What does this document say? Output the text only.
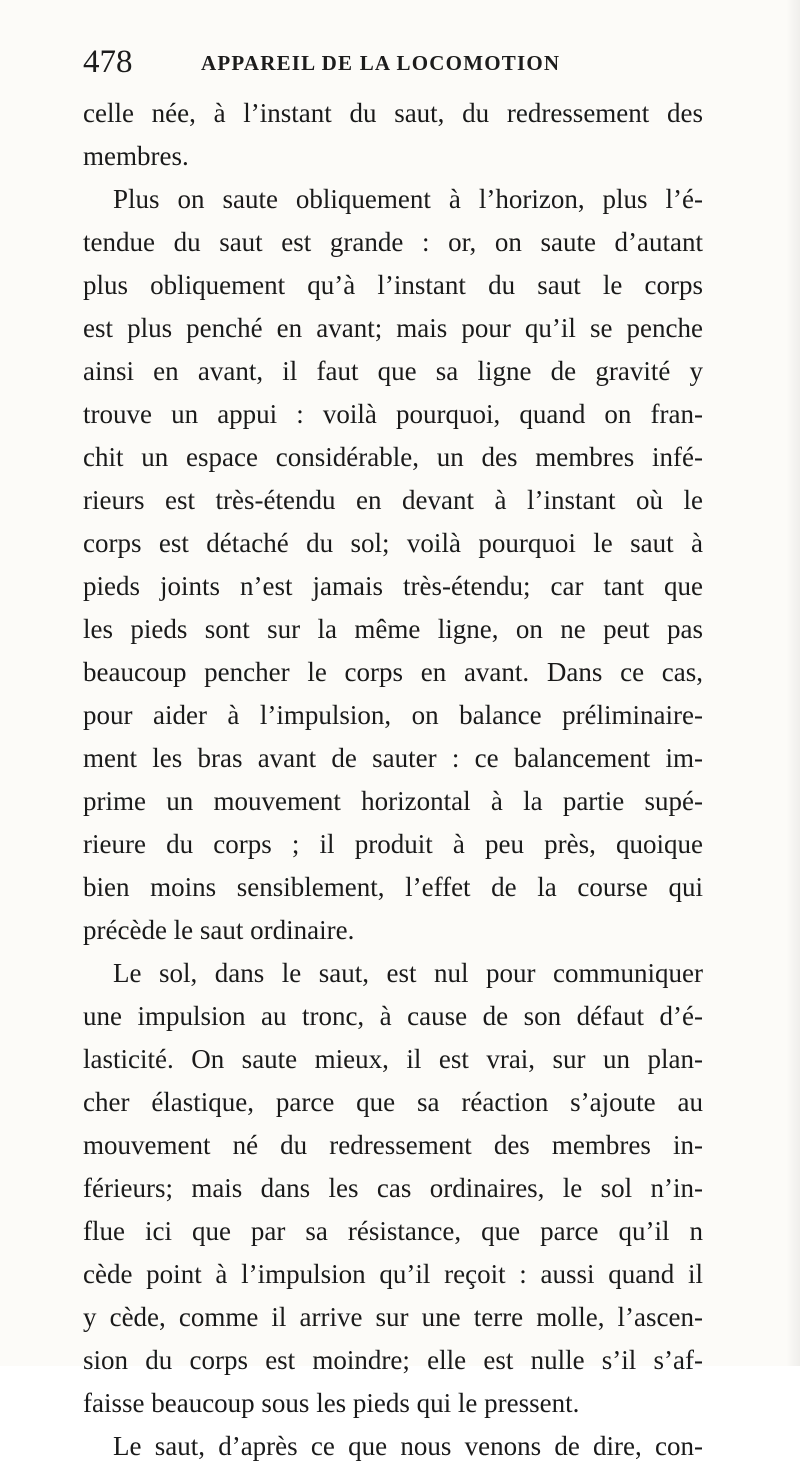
478	APPAREIL DE LA LOCOMOTION
celle née, à l’instant du saut, du redressement des
membres.
Plus on saute obliquement à l’horizon, plus l’é-
tendue du saut est grande : or, on saute d’autant
plus obliquement qu’à l’instant du saut le corps
est plus penché en avant; mais pour qu’il se penche
ainsi en avant, il faut que sa ligne de gravité y
trouve un appui : voilà pourquoi, quand on fran-
chit un espace considérable, un des membres infé-
rieurs est très-étendu en devant à l’instant où le
corps est détaché du sol; voilà pourquoi le saut à
pieds joints n’est jamais très-étendu; car tant que
les pieds sont sur la même ligne, on ne peut pas
beaucoup pencher le corps en avant. Dans ce cas,
pour aider à l’impulsion, on balance préliminaire-
ment les bras avant de sauter : ce balancement im-
prime un mouvement horizontal à la partie supé-
rieure du corps ; il produit à peu près, quoique
bien moins sensiblement, l’effet de la course qui
précède le saut ordinaire.
Le sol, dans le saut, est nul pour communiquer
une impulsion au tronc, à cause de son défaut d’é-
lasticité. On saute mieux, il est vrai, sur un plan-
cher élastique, parce que sa réaction s’ajoute au
mouvement né du redressement des membres in-
férieurs; mais dans les cas ordinaires, le sol n’in-
flue ici que par sa résistance, que parce qu’il n
cède point à l’impulsion qu’il reçoit : aussi quand il
y cède, comme il arrive sur une terre molle, l’ascen-
sion du corps est moindre; elle est nulle s’il s’af-
faisse beaucoup sous les pieds qui le pressent.
Le saut, d’après ce que nous venons de dire, con-
